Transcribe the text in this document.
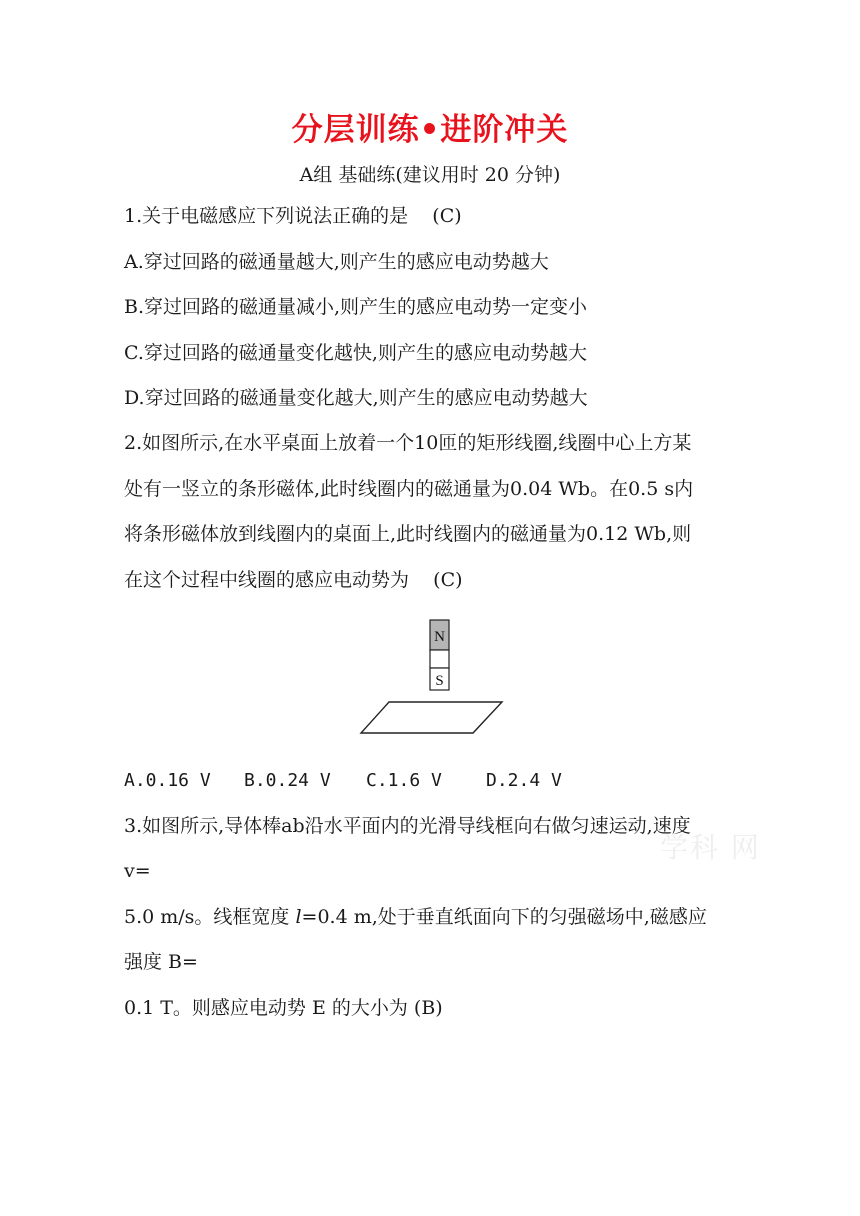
分层训练•进阶冲关
A组 基础练(建议用时 20 分钟)
1.关于电磁感应下列说法正确的是    (C)
A.穿过回路的磁通量越大,则产生的感应电动势越大
B.穿过回路的磁通量减小,则产生的感应电动势一定变小
C.穿过回路的磁通量变化越快,则产生的感应电动势越大
D.穿过回路的磁通量变化越大,则产生的感应电动势越大
2.如图所示,在水平桌面上放着一个10匝的矩形线圈,线圈中心上方某
处有一竖立的条形磁体,此时线圈内的磁通量为0.04 Wb。在0.5 s内
将条形磁体放到线圈内的桌面上,此时线圈内的磁通量为0.12 Wb,则
在这个过程中线圈的感应电动势为    (C)
N
S
A.0.16 V B.0.24 V C.1.6 V D.2.4 V
3.如图所示,导体棒ab沿水平面内的光滑导线框向右做匀速运动,速度
v=
5.0 m/s。线框宽度 l=0.4 m,处于垂直纸面向下的匀强磁场中,磁感应
强度 B=
0.1 T。则感应电动势 E 的大小为 (B)
学科 网
